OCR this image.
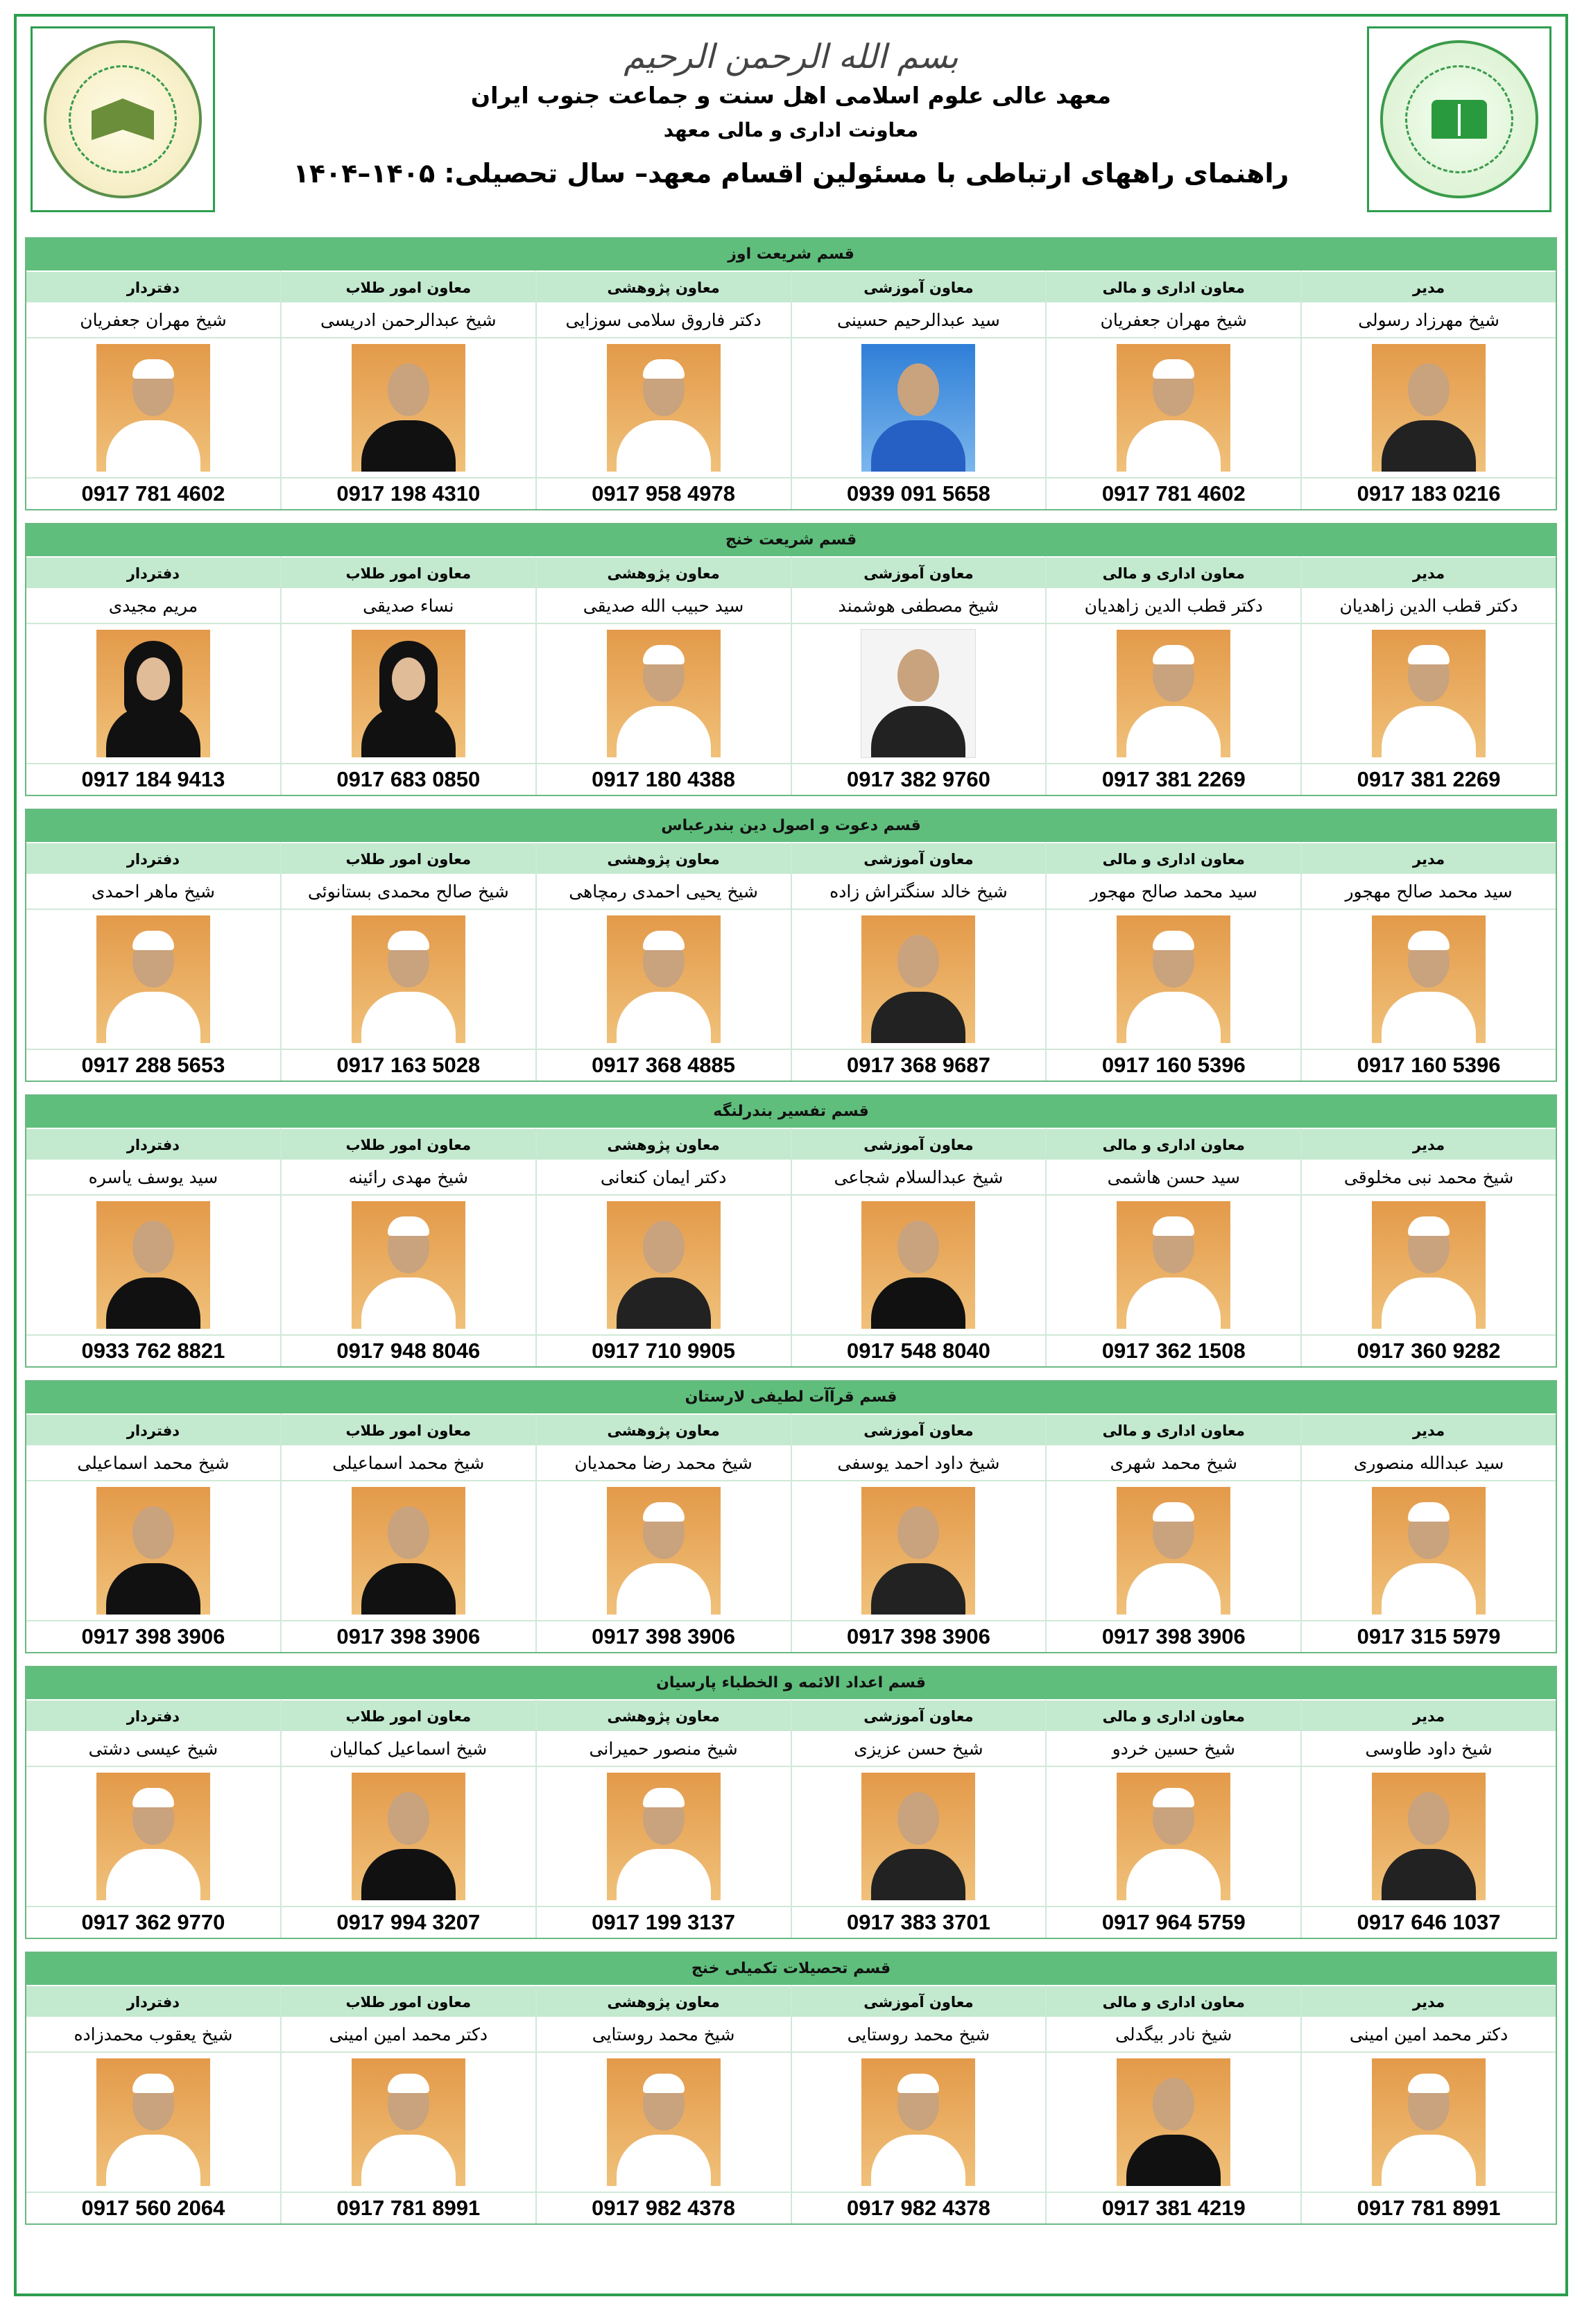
بسم الله الرحمن الرحيم
معهد عالی علوم اسلامی اهل سنت و جماعت جنوب ایران
معاونت اداری و مالی معهد
راهنمای راههای ارتباطی با مسئولین اقسام معهد– سال تحصیلی: ۱۴۰۵–۱۴۰۴
قسم شریعت اوز
مدیر
معاون اداری و مالی
معاون آموزشی
معاون پژوهشی
معاون امور طلاب
دفتردار
شیخ مهرزاد رسولی
شیخ مهران جعفریان
سید عبدالرحیم حسینی
دکتر فاروق سلامی سوزایی
شیخ عبدالرحمن ادریسی
شیخ مهران جعفریان
0917 183 0216
0917 781 4602
0939 091 5658
0917 958 4978
0917 198 4310
0917 781 4602
قسم شریعت خنج
مدیر
معاون اداری و مالی
معاون آموزشی
معاون پژوهشی
معاون امور طلاب
دفتردار
دکتر قطب الدین زاهدیان
دکتر قطب الدین زاهدیان
شیخ مصطفی هوشمند
سید حبیب الله صدیقی
نساء صدیقی
مریم مجیدی
0917 381 2269
0917 381 2269
0917 382 9760
0917 180 4388
0917 683 0850
0917 184 9413
قسم دعوت و اصول دین بندرعباس
مدیر
معاون اداری و مالی
معاون آموزشی
معاون پژوهشی
معاون امور طلاب
دفتردار
سید محمد صالح مهجور
سید محمد صالح مهجور
شیخ خالد سنگتراش زاده
شیخ یحیی احمدی رمچاهی
شیخ صالح محمدی بستانوئی
شیخ ماهر احمدی
0917 160 5396
0917 160 5396
0917 368 9687
0917 368 4885
0917 163 5028
0917 288 5653
قسم تفسیر بندرلنگه
مدیر
معاون اداری و مالی
معاون آموزشی
معاون پژوهشی
معاون امور طلاب
دفتردار
شیخ محمد نبی مخلوقی
سید حسن هاشمی
شیخ عبدالسلام شجاعی
دکتر ایمان کنعانی
شیخ مهدی رائینه
سید یوسف یاسره
0917 360 9282
0917 362 1508
0917 548 8040
0917 710 9905
0917 948 8046
0933 762 8821
قسم قرآآت لطیفی لارستان
مدیر
معاون اداری و مالی
معاون آموزشی
معاون پژوهشی
معاون امور طلاب
دفتردار
سید عبدالله منصوری
شیخ محمد شهری
شیخ داود احمد یوسفی
شیخ محمد رضا محمدیان
شیخ محمد اسماعیلی
شیخ محمد اسماعیلی
0917 315 5979
0917 398 3906
0917 398 3906
0917 398 3906
0917 398 3906
0917 398 3906
قسم اعداد الائمه و الخطباء پارسیان
مدیر
معاون اداری و مالی
معاون آموزشی
معاون پژوهشی
معاون امور طلاب
دفتردار
شیخ داود طاوسی
شیخ حسین خردو
شیخ حسن عزیزی
شیخ منصور حمیرانی
شیخ اسماعیل کمالیان
شیخ عیسی دشتی
0917 646 1037
0917 964 5759
0917 383 3701
0917 199 3137
0917 994 3207
0917 362 9770
قسم تحصیلات تکمیلی خنج
مدیر
معاون اداری و مالی
معاون آموزشی
معاون پژوهشی
معاون امور طلاب
دفتردار
دکتر محمد امین امینی
شیخ نادر بیگدلی
شیخ محمد روستایی
شیخ محمد روستایی
دکتر محمد امین امینی
شیخ یعقوب محمدزاده
0917 781 8991
0917 381 4219
0917 982 4378
0917 982 4378
0917 781 8991
0917 560 2064
